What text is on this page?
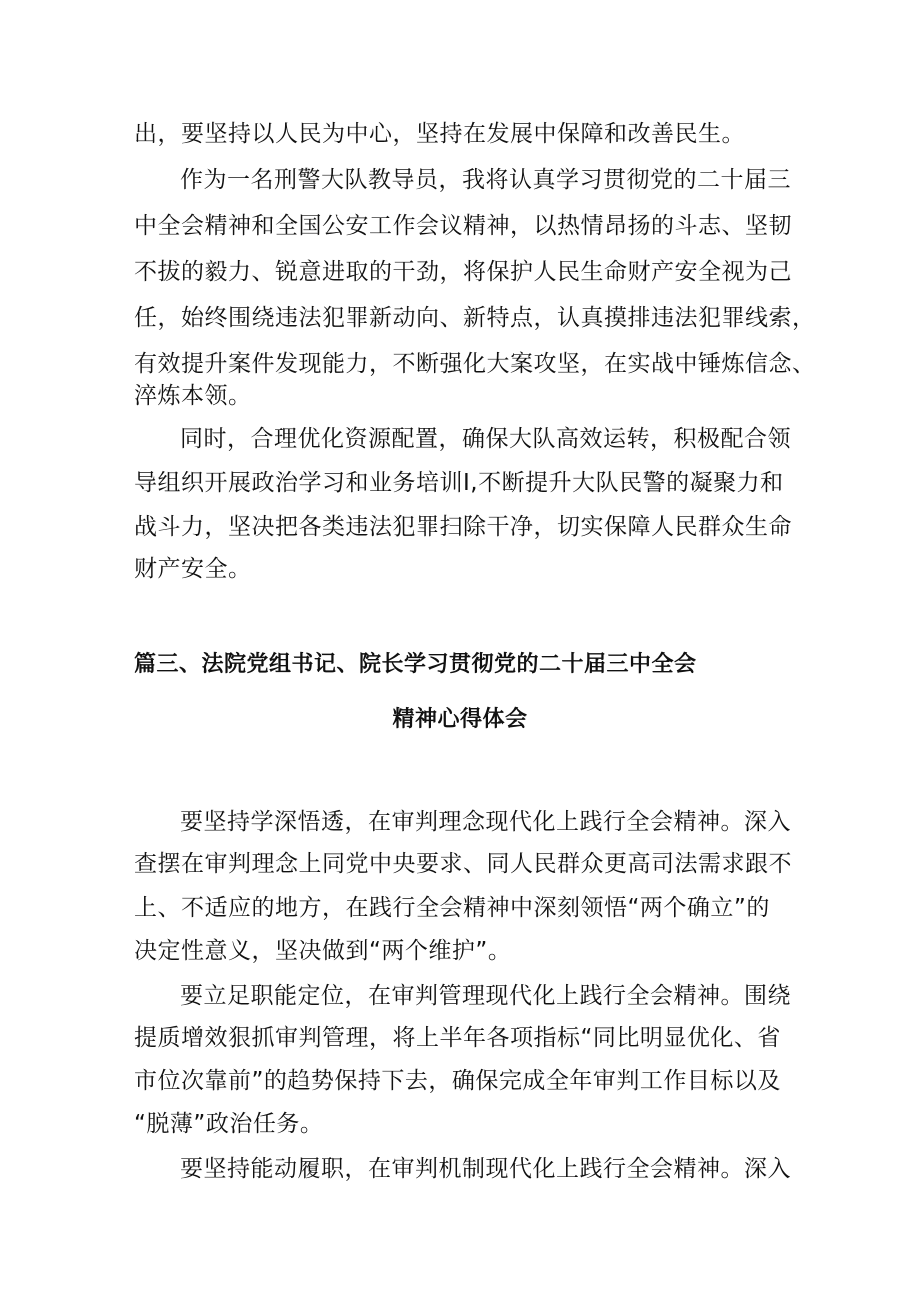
出，要坚持以人民为中心，坚持在发展中保障和改善民生。
作为一名刑警大队教导员，我将认真学习贯彻党的二十届三
中全会精神和全国公安工作会议精神，以热情昂扬的斗志、坚韧
不拔的毅力、锐意进取的干劲，将保护人民生命财产安全视为己
任，始终围绕违法犯罪新动向、新特点，认真摸排违法犯罪线索，
有效提升案件发现能力，不断强化大案攻坚，在实战中锤炼信念、
淬炼本领。
同时，合理优化资源配置，确保大队高效运转，积极配合领
导组织开展政治学习和业务培训I,不断提升大队民警的凝聚力和
战斗力，坚决把各类违法犯罪扫除干净，切实保障人民群众生命
财产安全。
篇三、法院党组书记、院长学习贯彻党的二十届三中全会
精神心得体会
要坚持学深悟透，在审判理念现代化上践行全会精神。深入
查摆在审判理念上同党中央要求、同人民群众更高司法需求跟不
上、不适应的地方，在践行全会精神中深刻领悟“两个确立”的
决定性意义，坚决做到“两个维护”。
要立足职能定位，在审判管理现代化上践行全会精神。围绕
提质增效狠抓审判管理，将上半年各项指标“同比明显优化、省
市位次靠前”的趋势保持下去，确保完成全年审判工作目标以及
“脱薄”政治任务。
要坚持能动履职，在审判机制现代化上践行全会精神。深入
